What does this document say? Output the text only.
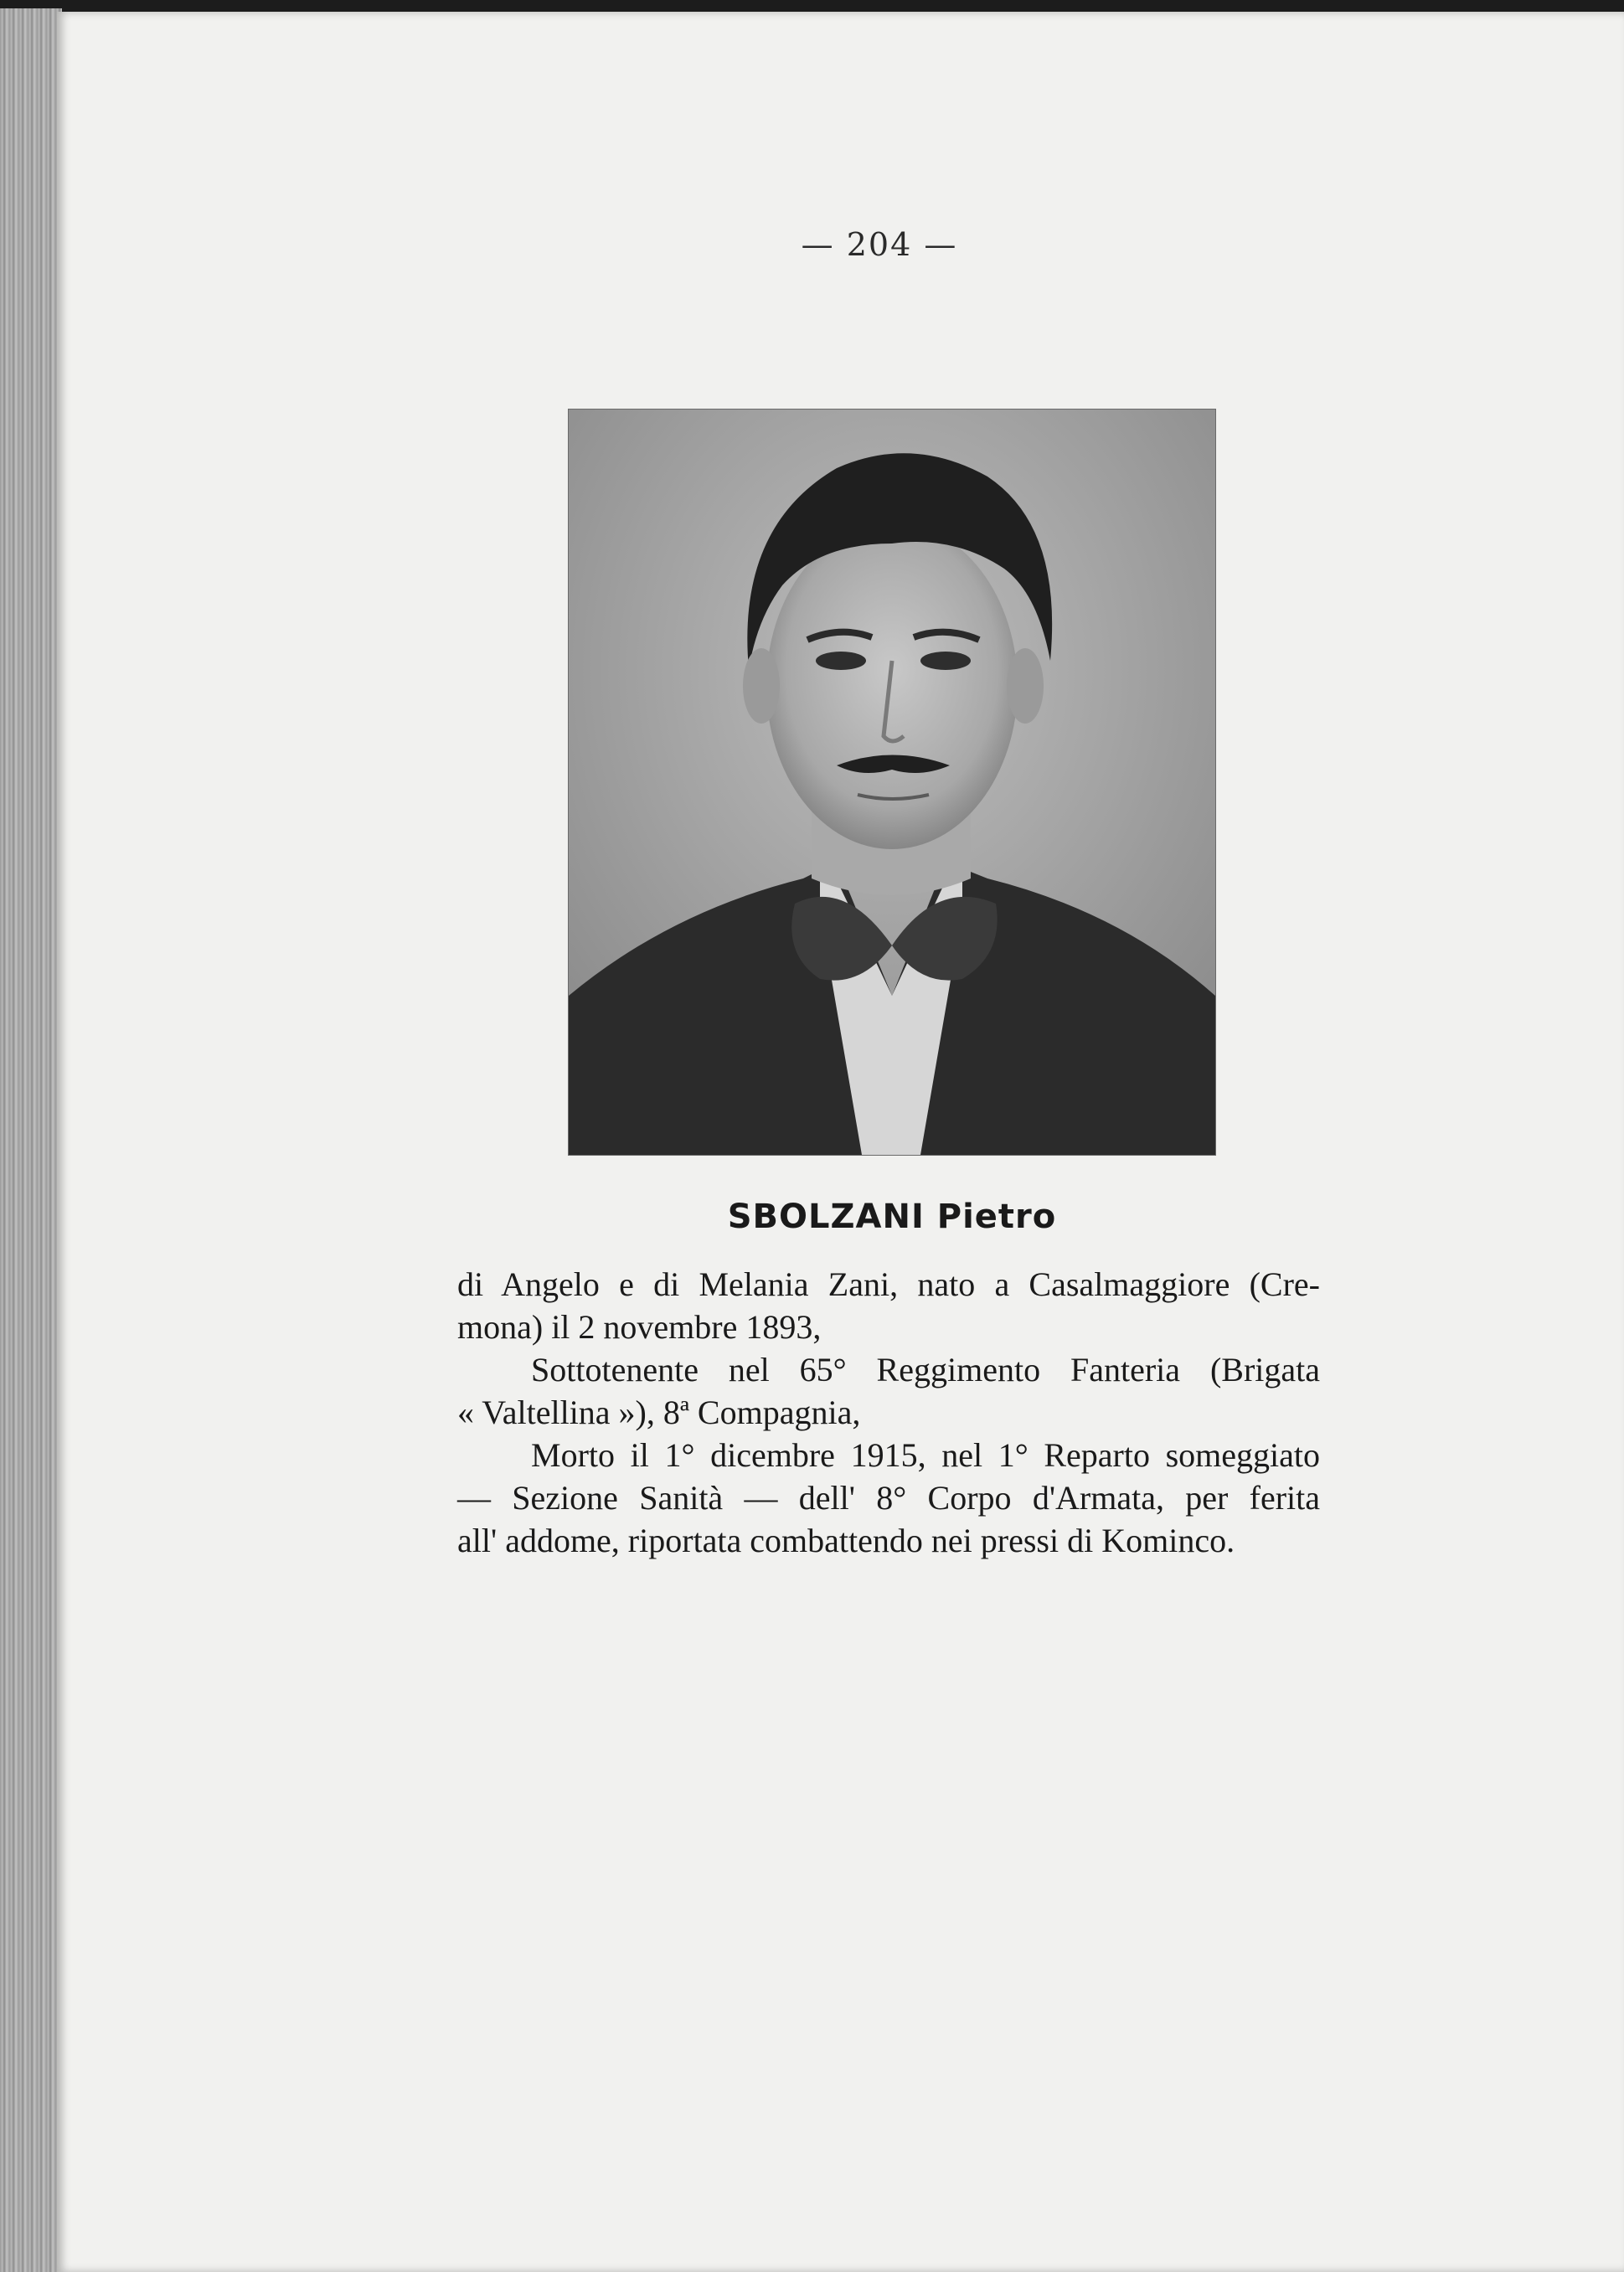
— 204 —
SBOLZANI Pietro
di Angelo e di Melania Zani, nato a Casalmaggiore (Cre-
mona) il 2 novembre 1893,
Sottotenente nel 65° Reggimento Fanteria (Brigata
« Valtellina »), 8ª Compagnia,
Morto il 1° dicembre 1915, nel 1° Reparto someggiato
— Sezione Sanità — dell' 8° Corpo d'Armata, per ferita
all' addome, riportata combattendo nei pressi di Kominco.
